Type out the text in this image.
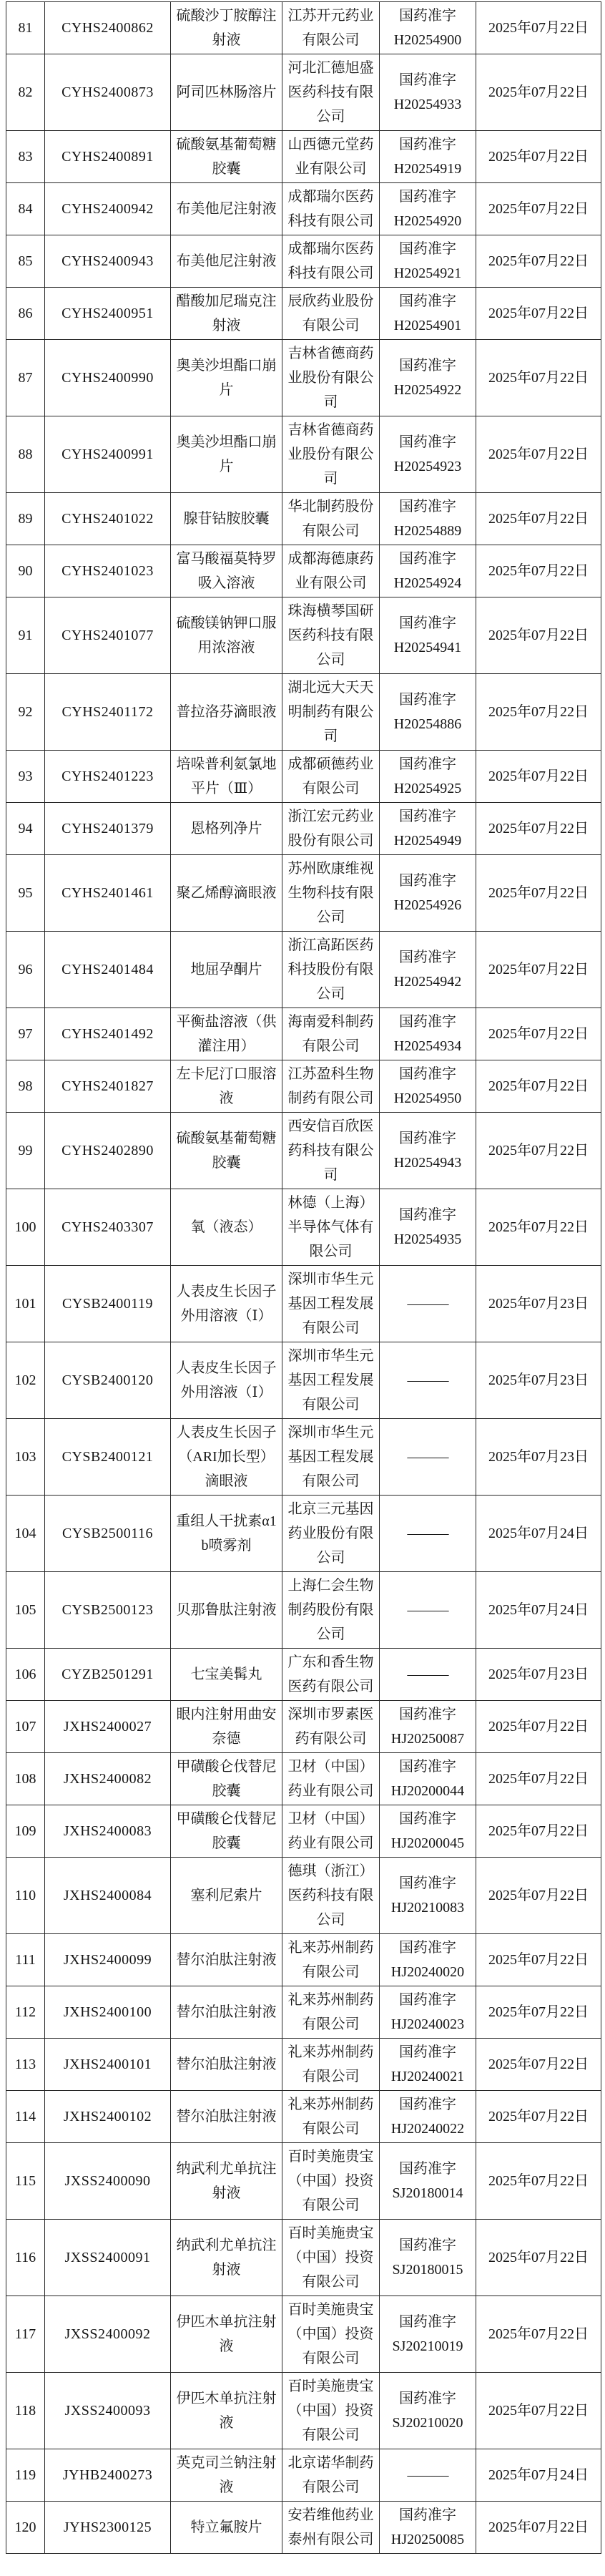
81	CYHS2400862	硫酸沙丁胺醇注射液	江苏开元药业有限公司	国药准字
H20254900	2025年07月22日
82	CYHS2400873	阿司匹林肠溶片	河北汇德旭盛医药科技有限公司	国药准字
H20254933	2025年07月22日
83	CYHS2400891	硫酸氨基葡萄糖胶囊	山西德元堂药业有限公司	国药准字
H20254919	2025年07月22日
84	CYHS2400942	布美他尼注射液	成都瑞尔医药科技有限公司	国药准字
H20254920	2025年07月22日
85	CYHS2400943	布美他尼注射液	成都瑞尔医药科技有限公司	国药准字
H20254921	2025年07月22日
86	CYHS2400951	醋酸加尼瑞克注射液	辰欣药业股份有限公司	国药准字
H20254901	2025年07月22日
87	CYHS2400990	奥美沙坦酯口崩片	吉林省德商药业股份有限公司	国药准字
H20254922	2025年07月22日
88	CYHS2400991	奥美沙坦酯口崩片	吉林省德商药业股份有限公司	国药准字
H20254923	2025年07月22日
89	CYHS2401022	腺苷钴胺胶囊	华北制药股份有限公司	国药准字
H20254889	2025年07月22日
90	CYHS2401023	富马酸福莫特罗吸入溶液	成都海德康药业有限公司	国药准字
H20254924	2025年07月22日
91	CYHS2401077	硫酸镁钠钾口服用浓溶液	珠海横琴国研医药科技有限公司	国药准字
H20254941	2025年07月22日
92	CYHS2401172	普拉洛芬滴眼液	湖北远大天天明制药有限公司	国药准字
H20254886	2025年07月22日
93	CYHS2401223	培哚普利氨氯地平片（Ⅲ）	成都硕德药业有限公司	国药准字
H20254925	2025年07月22日
94	CYHS2401379	恩格列净片	浙江宏元药业股份有限公司	国药准字
H20254949	2025年07月22日
95	CYHS2401461	聚乙烯醇滴眼液	苏州欧康维视生物科技有限公司	国药准字
H20254926	2025年07月22日
96	CYHS2401484	地屈孕酮片	浙江高跖医药科技股份有限公司	国药准字
H20254942	2025年07月22日
97	CYHS2401492	平衡盐溶液（供灌注用）	海南爱科制药有限公司	国药准字
H20254934	2025年07月22日
98	CYHS2401827	左卡尼汀口服溶液	江苏盈科生物制药有限公司	国药准字
H20254950	2025年07月22日
99	CYHS2402890	硫酸氨基葡萄糖胶囊	西安信百欣医药科技有限公司	国药准字
H20254943	2025年07月22日
100	CYHS2403307	氧（液态）	林德（上海）半导体气体有限公司	国药准字
H20254935	2025年07月22日
101	CYSB2400119	人表皮生长因子外用溶液（Ⅰ）	深圳市华生元基因工程发展有限公司	———	2025年07月23日
102	CYSB2400120	人表皮生长因子外用溶液（Ⅰ）	深圳市华生元基因工程发展有限公司	———	2025年07月23日
103	CYSB2400121	人表皮生长因子（ARI加长型）滴眼液	深圳市华生元基因工程发展有限公司	———	2025年07月23日
104	CYSB2500116	重组人干扰素α1b喷雾剂	北京三元基因药业股份有限公司	———	2025年07月24日
105	CYSB2500123	贝那鲁肽注射液	上海仁会生物制药股份有限公司	———	2025年07月24日
106	CYZB2501291	七宝美髯丸	广东和香生物医药有限公司	———	2025年07月23日
107	JXHS2400027	眼内注射用曲安奈德	深圳市罗素医药有限公司	国药准字
HJ20250087	2025年07月22日
108	JXHS2400082	甲磺酸仑伐替尼胶囊	卫材（中国）药业有限公司	国药准字
HJ20200044	2025年07月22日
109	JXHS2400083	甲磺酸仑伐替尼胶囊	卫材（中国）药业有限公司	国药准字
HJ20200045	2025年07月22日
110	JXHS2400084	塞利尼索片	德琪（浙江）医药科技有限公司	国药准字
HJ20210083	2025年07月22日
111	JXHS2400099	替尔泊肽注射液	礼来苏州制药有限公司	国药准字
HJ20240020	2025年07月22日
112	JXHS2400100	替尔泊肽注射液	礼来苏州制药有限公司	国药准字
HJ20240023	2025年07月22日
113	JXHS2400101	替尔泊肽注射液	礼来苏州制药有限公司	国药准字
HJ20240021	2025年07月22日
114	JXHS2400102	替尔泊肽注射液	礼来苏州制药有限公司	国药准字
HJ20240022	2025年07月22日
115	JXSS2400090	纳武利尤单抗注射液	百时美施贵宝（中国）投资有限公司	国药准字
SJ20180014	2025年07月22日
116	JXSS2400091	纳武利尤单抗注射液	百时美施贵宝（中国）投资有限公司	国药准字
SJ20180015	2025年07月22日
117	JXSS2400092	伊匹木单抗注射液	百时美施贵宝（中国）投资有限公司	国药准字
SJ20210019	2025年07月22日
118	JXSS2400093	伊匹木单抗注射液	百时美施贵宝（中国）投资有限公司	国药准字
SJ20210020	2025年07月22日
119	JYHB2400273	英克司兰钠注射液	北京诺华制药有限公司	———	2025年07月24日
120	JYHS2300125	特立氟胺片	安若维他药业泰州有限公司	国药准字
HJ20250085	2025年07月22日
